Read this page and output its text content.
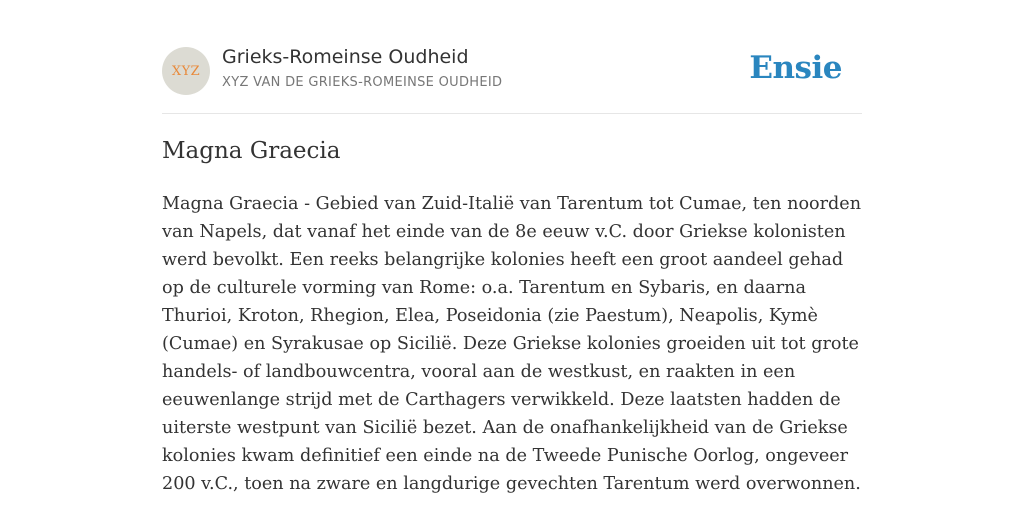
XYZ
Grieks-Romeinse Oudheid
XYZ VAN DE GRIEKS-ROMEINSE OUDHEID	Ensie
Magna Graecia

Magna Graecia - Gebied van Zuid-Italië van Tarentum tot Cumae, ten noorden van Napels, dat vanaf het einde van de 8e eeuw v.C. door Griekse kolonisten werd bevolkt. Een reeks belangrijke kolonies heeft een groot aandeel gehad op de culturele vorming van Rome: o.a. Tarentum en Sybaris, en daarna Thurioi, Kroton, Rhegion, Elea, Poseidonia (zie Paestum), Neapolis, Kymè (Cumae) en Syrakusae op Sicilië. Deze Griekse kolonies groeiden uit tot grote handels- of landbouwcentra, vooral aan de westkust, en raakten in een eeuwenlange strijd met de Carthagers verwikkeld. Deze laatsten hadden de uiterste westpunt van Sicilië bezet. Aan de onafhankelijkheid van de Griekse kolonies kwam definitief een einde na de Tweede Punische Oorlog, ongeveer 200 v.C., toen na zware en langdurige gevechten Tarentum werd overwonnen.
